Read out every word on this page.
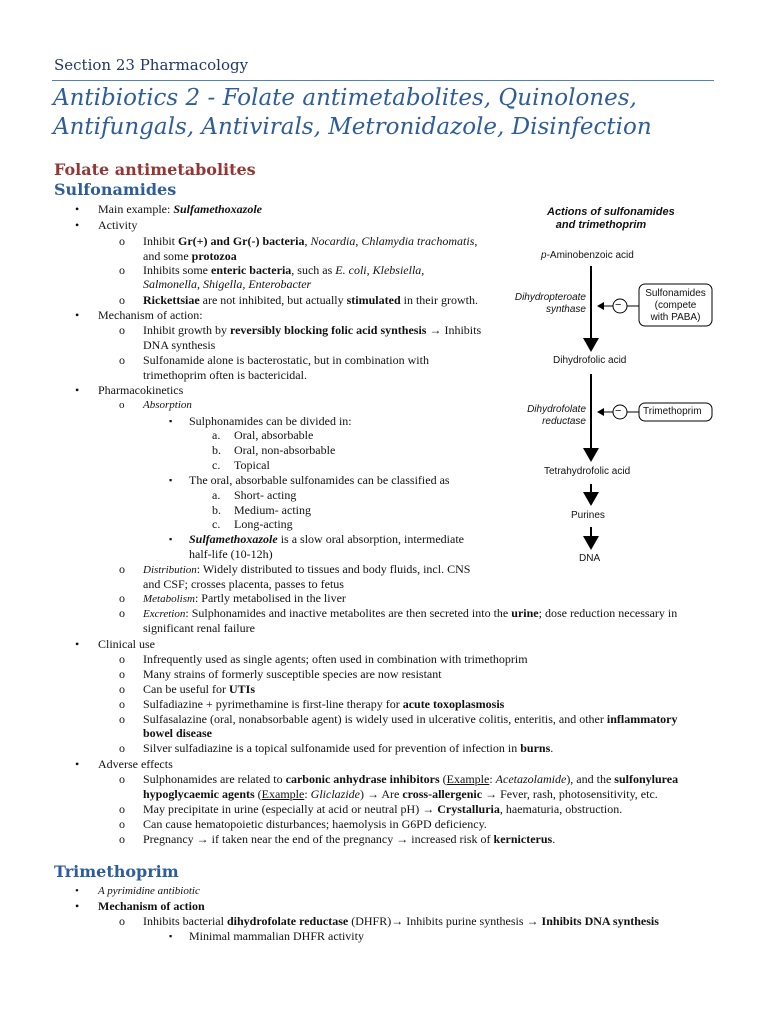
Section 23 Pharmacology
Antibiotics 2 - Folate antimetabolites, Quinolones,
Antifungals, Antivirals, Metronidazole, Disinfection
Folate antimetabolites
Sulfonamides
• Main example: Sulfamethoxazole
• Activity
o Inhibit Gr(+) and Gr(-) bacteria, Nocardia, Chlamydia trachomatis,
and some protozoa
o Inhibits some enteric bacteria, such as E. coli, Klebsiella,
Salmonella, Shigella, Enterobacter
o Rickettsiae are not inhibited, but actually stimulated in their growth.
• Mechanism of action:
o Inhibit growth by reversibly blocking folic acid synthesis → Inhibits
DNA synthesis
o Sulfonamide alone is bacterostatic, but in combination with
trimethoprim often is bactericidal.
• Pharmacokinetics
o Absorption
▪ Sulphonamides can be divided in:
a. Oral, absorbable
b. Oral, non-absorbable
c. Topical
▪ The oral, absorbable sulfonamides can be classified as
a. Short- acting
b. Medium- acting
c. Long-acting
▪ Sulfamethoxazole is a slow oral absorption, intermediate
half-life (10-12h)
o Distribution: Widely distributed to tissues and body fluids, incl. CNS
and CSF; crosses placenta, passes to fetus
o Metabolism: Partly metabolised in the liver
o Excretion: Sulphonamides and inactive metabolites are then secreted into the urine; dose reduction necessary in
significant renal failure
• Clinical use
o Infrequently used as single agents; often used in combination with trimethoprim
o Many strains of formerly susceptible species are now resistant
o Can be useful for UTIs
o Sulfadiazine + pyrimethamine is first-line therapy for acute toxoplasmosis
o Sulfasalazine (oral, nonabsorbable agent) is widely used in ulcerative colitis, enteritis, and other inflammatory
bowel disease
o Silver sulfadiazine is a topical sulfonamide used for prevention of infection in burns.
• Adverse effects
o Sulphonamides are related to carbonic anhydrase inhibitors (Example: Acetazolamide), and the sulfonylurea
hypoglycaemic agents (Example: Gliclazide) → Are cross-allergenic → Fever, rash, photosensitivity, etc.
o May precipitate in urine (especially at acid or neutral pH) → Crystalluria, haematuria, obstruction.
o Can cause hematopoietic disturbances; haemolysis in G6PD deficiency.
o Pregnancy → if taken near the end of the pregnancy → increased risk of kernicterus.
Trimethoprim
• A pyrimidine antibiotic
• Mechanism of action
o Inhibits bacterial dihydrofolate reductase (DHFR)→ Inhibits purine synthesis → Inhibits DNA synthesis
▪ Minimal mammalian DHFR activity
Actions of sulfonamides
and trimethoprim
p-Aminobenzoic acid
Dihydropteroate
synthase
Sulfonamides
(compete
with PABA)
−
Dihydrofolic acid
Dihydrofolate
reductase
− Trimethoprim
Tetrahydrofolic acid
Purines
DNA
